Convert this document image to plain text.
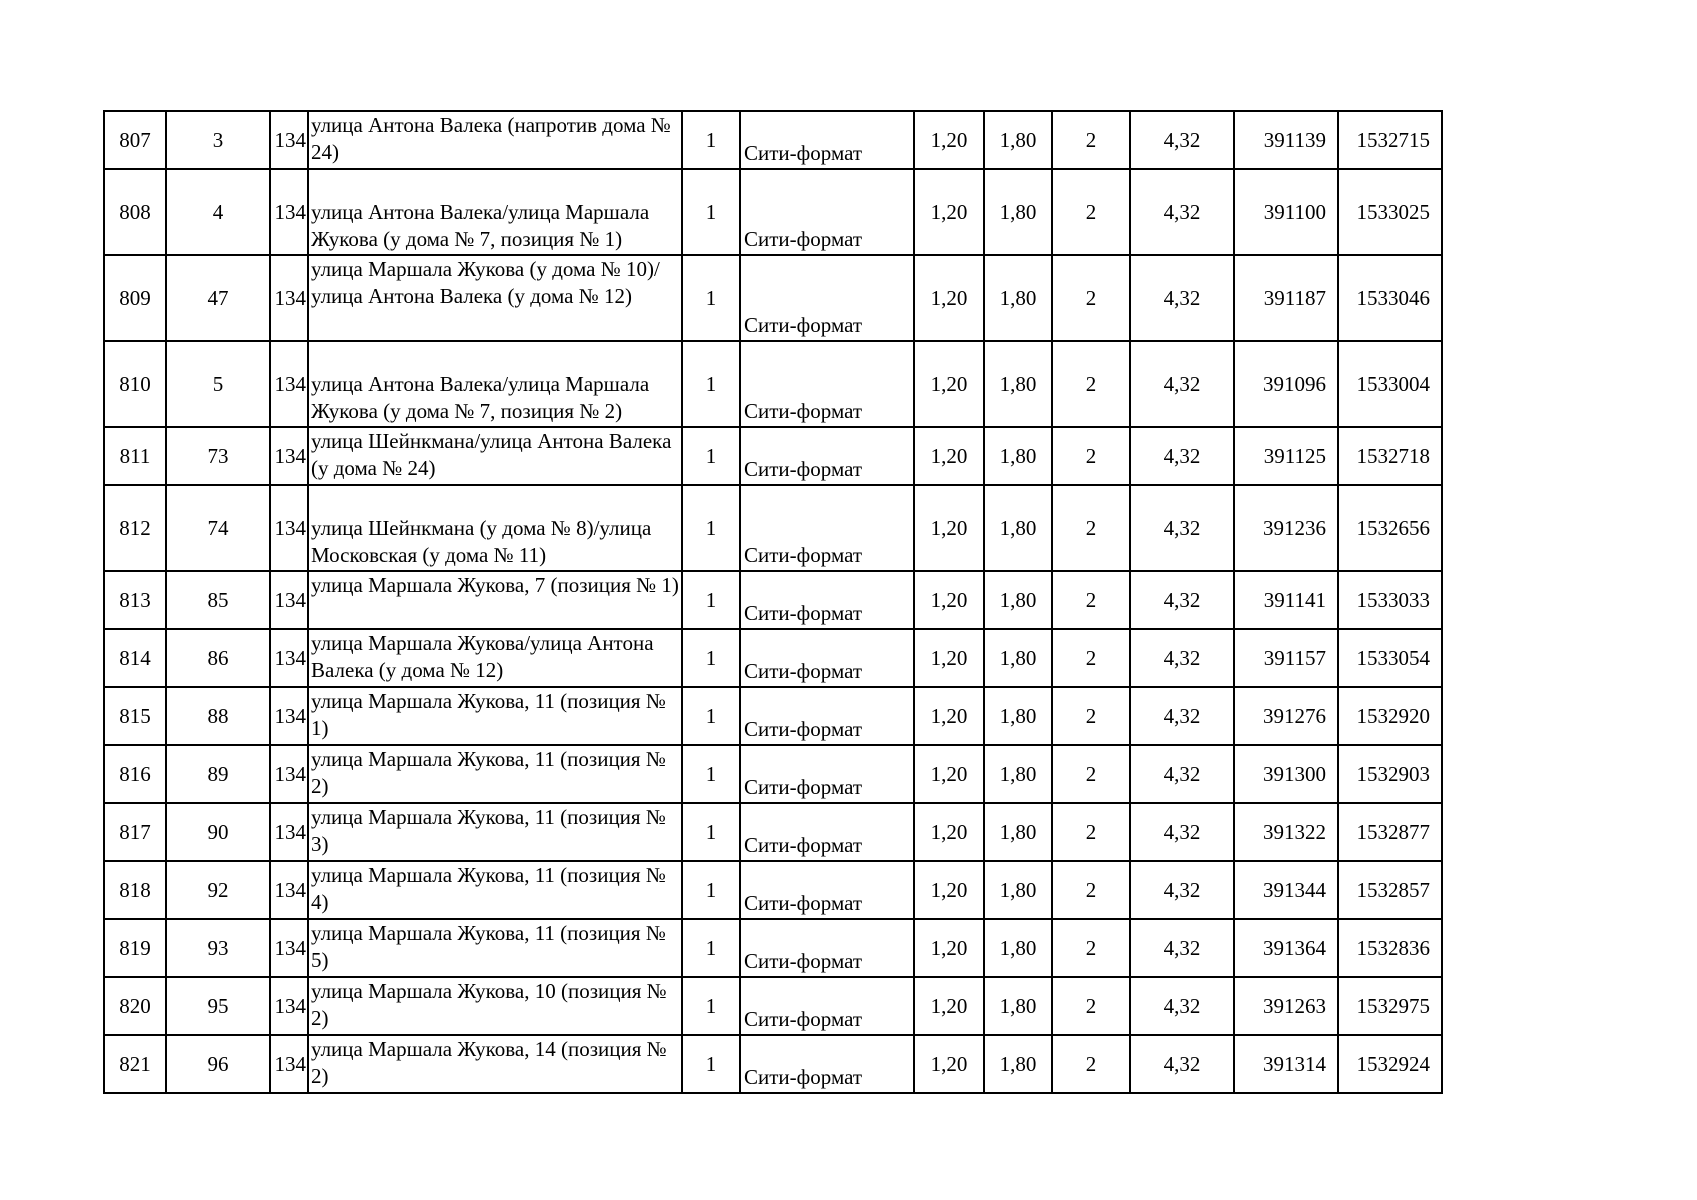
807	3	134	улица Антона Валека (напротив дома № 24)	1	Сити-формат	1,20	1,80	2	4,32	391139	1532715
808	4	134	улица Антона Валека/улица Маршала Жукова (у дома № 7, позиция № 1)	1	Сити-формат	1,20	1,80	2	4,32	391100	1533025
809	47	134	улица Маршала Жукова (у дома № 10)/улица Антона Валека (у дома № 12)	1	Сити-формат	1,20	1,80	2	4,32	391187	1533046
810	5	134	улица Антона Валека/улица Маршала Жукова (у дома № 7, позиция № 2)	1	Сити-формат	1,20	1,80	2	4,32	391096	1533004
811	73	134	улица Шейнкмана/улица Антона Валека (у дома № 24)	1	Сити-формат	1,20	1,80	2	4,32	391125	1532718
812	74	134	улица Шейнкмана (у дома № 8)/улица Московская (у дома № 11)	1	Сити-формат	1,20	1,80	2	4,32	391236	1532656
813	85	134	улица Маршала Жукова, 7 (позиция № 1)	1	Сити-формат	1,20	1,80	2	4,32	391141	1533033
814	86	134	улица Маршала Жукова/улица Антона Валека (у дома № 12)	1	Сити-формат	1,20	1,80	2	4,32	391157	1533054
815	88	134	улица Маршала Жукова, 11 (позиция № 1)	1	Сити-формат	1,20	1,80	2	4,32	391276	1532920
816	89	134	улица Маршала Жукова, 11 (позиция № 2)	1	Сити-формат	1,20	1,80	2	4,32	391300	1532903
817	90	134	улица Маршала Жукова, 11 (позиция № 3)	1	Сити-формат	1,20	1,80	2	4,32	391322	1532877
818	92	134	улица Маршала Жукова, 11 (позиция № 4)	1	Сити-формат	1,20	1,80	2	4,32	391344	1532857
819	93	134	улица Маршала Жукова, 11 (позиция № 5)	1	Сити-формат	1,20	1,80	2	4,32	391364	1532836
820	95	134	улица Маршала Жукова, 10 (позиция № 2)	1	Сити-формат	1,20	1,80	2	4,32	391263	1532975
821	96	134	улица Маршала Жукова, 14 (позиция № 2)	1	Сити-формат	1,20	1,80	2	4,32	391314	1532924
